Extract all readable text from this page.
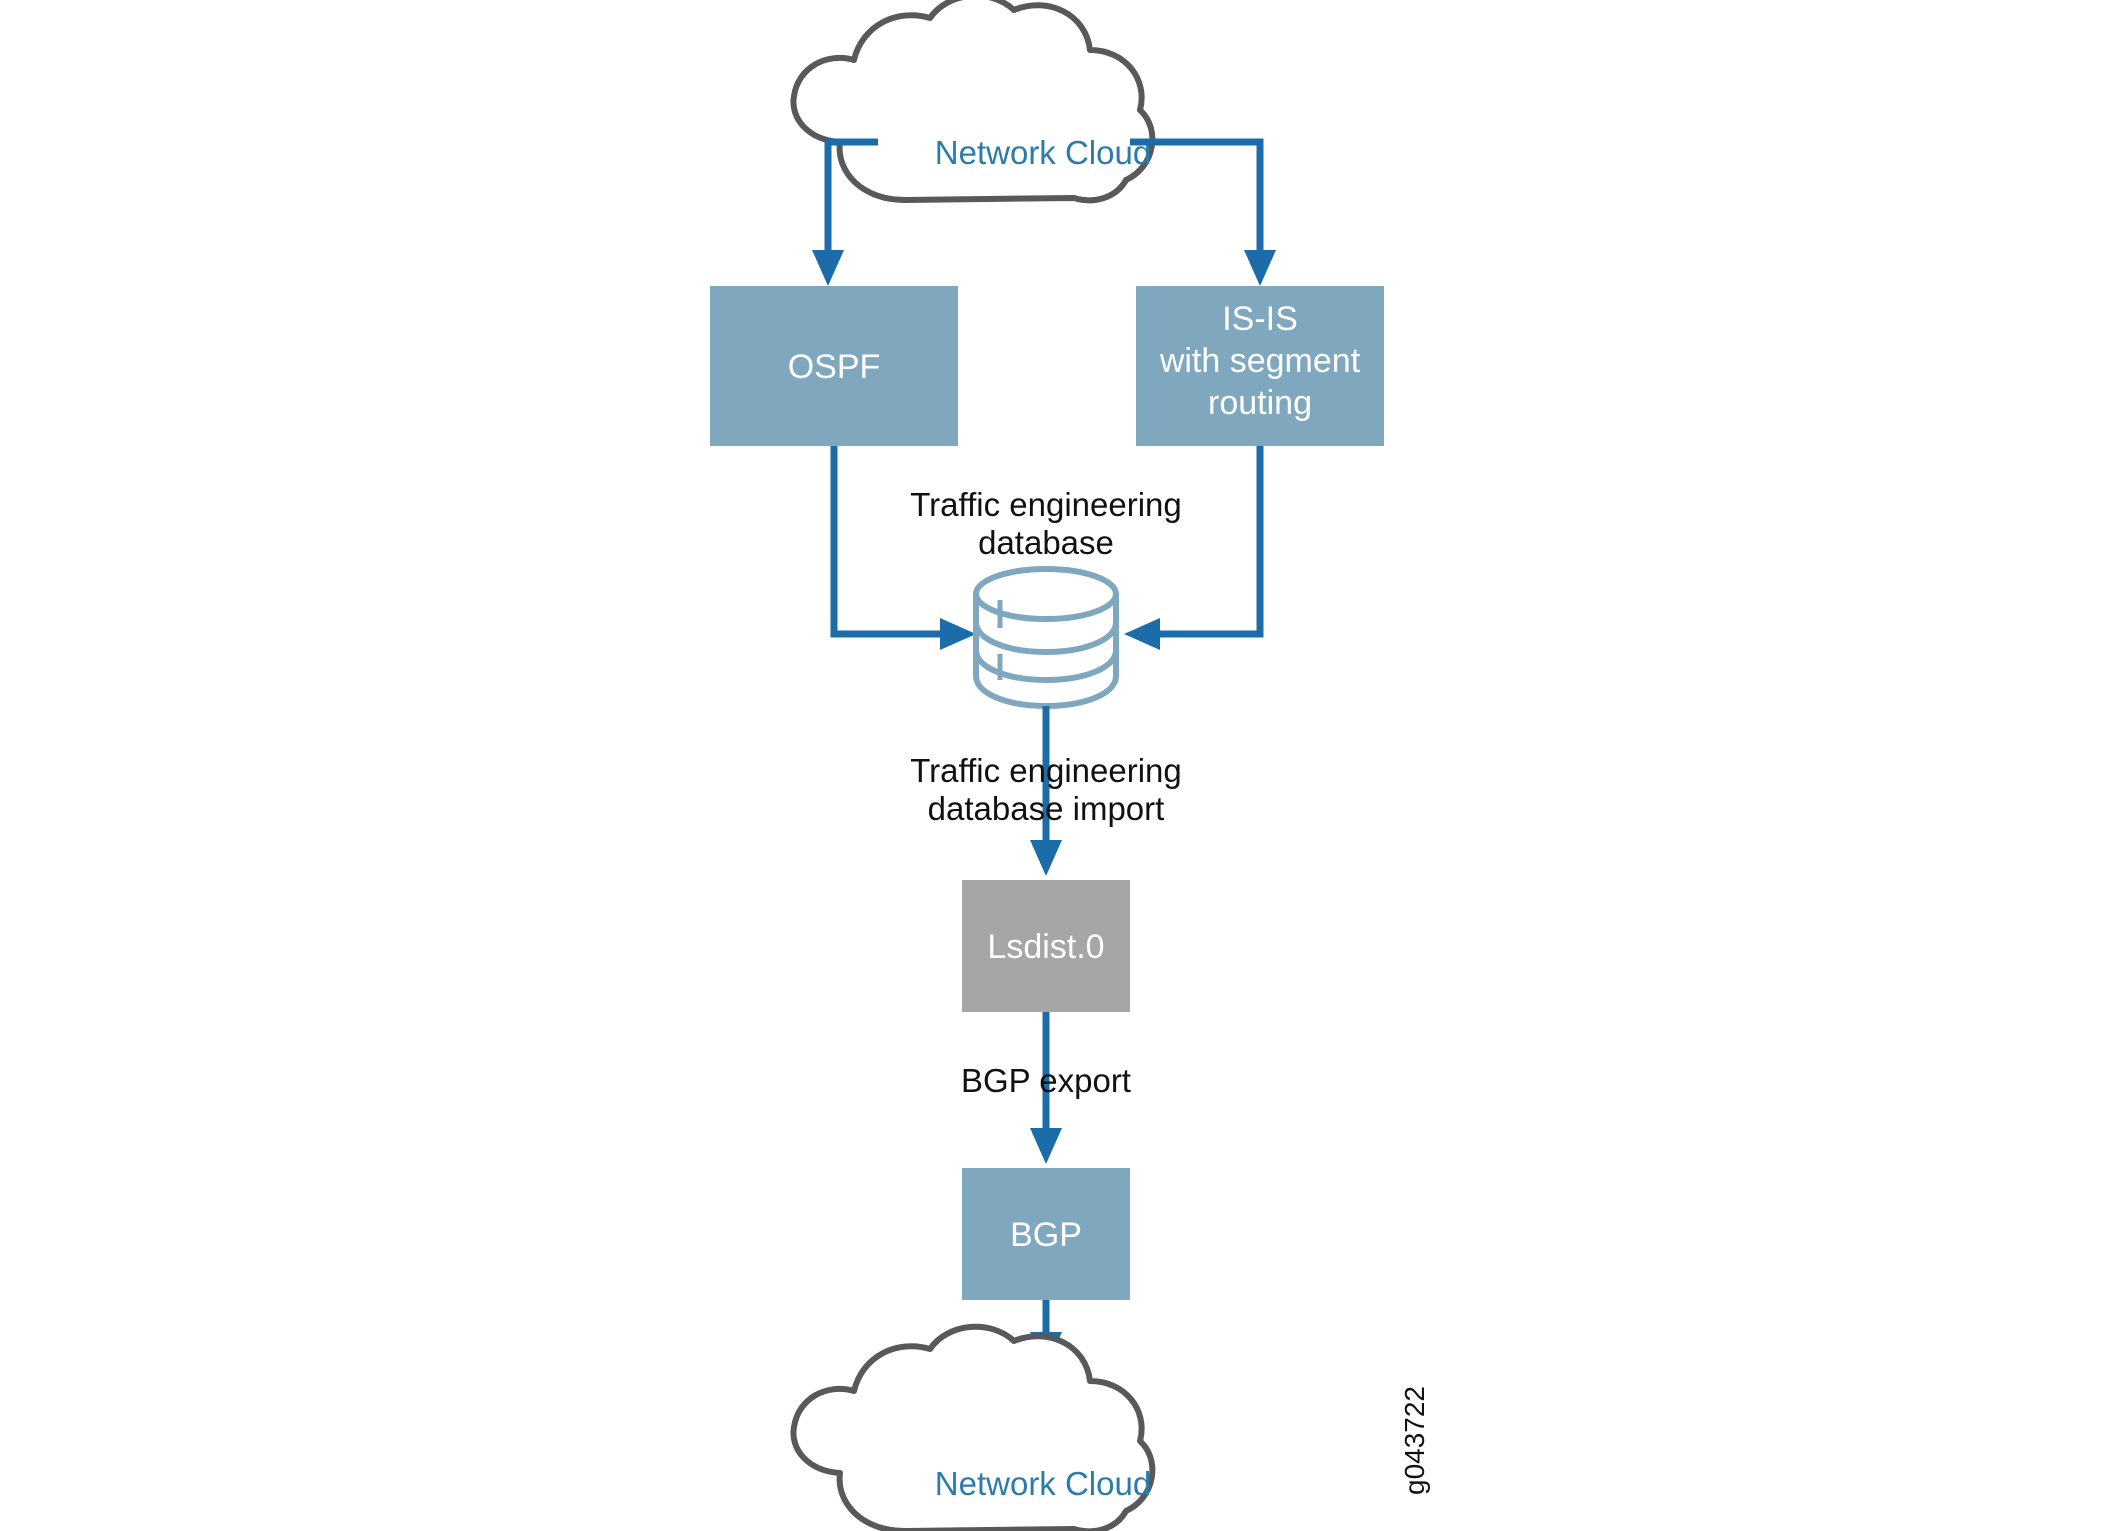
Network Cloud
OSPF
IS-IS
with segment
routing
Traffic engineering
database
Traffic engineering
database import
Lsdist.0
BGP export
BGP
Network Cloud	g043722
